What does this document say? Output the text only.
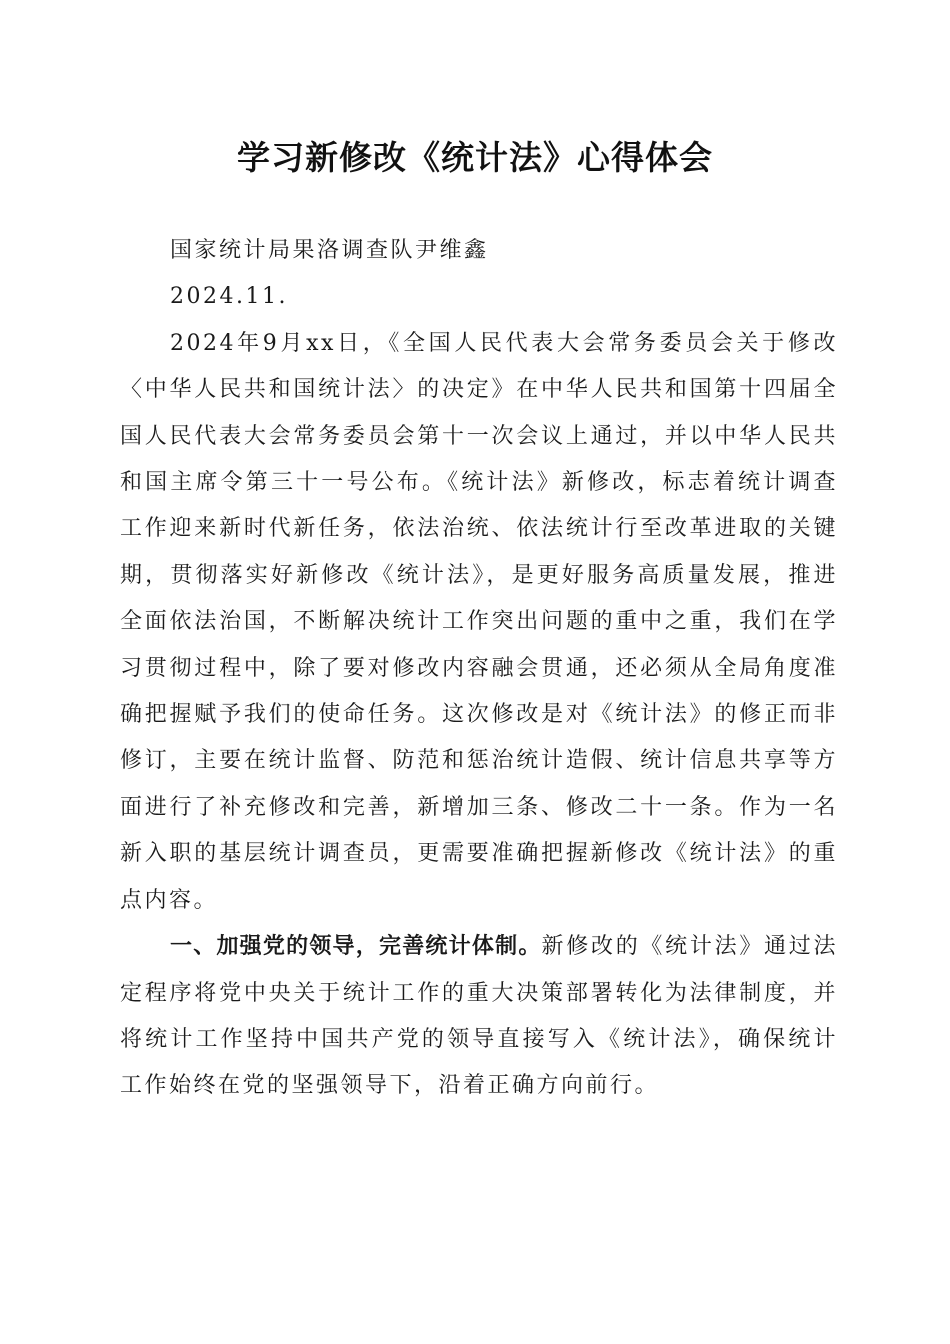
学习新修改《统计法》心得体会

国家统计局果洛调查队尹维鑫

2024.11.

2024年9月xx日，《全国人民代表大会常务委员会关于修改〈中华人民共和国统计法〉的决定》在中华人民共和国第十四届全国人民代表大会常务委员会第十一次会议上通过，并以中华人民共和国主席令第三十一号公布。《统计法》新修改，标志着统计调查工作迎来新时代新任务，依法治统、依法统计行至改革进取的关键期，贯彻落实好新修改《统计法》，是更好服务高质量发展，推进全面依法治国，不断解决统计工作突出问题的重中之重，我们在学习贯彻过程中，除了要对修改内容融会贯通，还必须从全局角度准确把握赋予我们的使命任务。这次修改是对《统计法》的修正而非修订，主要在统计监督、防范和惩治统计造假、统计信息共享等方面进行了补充修改和完善，新增加三条、修改二十一条。作为一名新入职的基层统计调查员，更需要准确把握新修改《统计法》的重点内容。

一、加强党的领导，完善统计体制。新修改的《统计法》通过法定程序将党中央关于统计工作的重大决策部署转化为法律制度，并将统计工作坚持中国共产党的领导直接写入《统计法》，确保统计工作始终在党的坚强领导下，沿着正确方向前行。
